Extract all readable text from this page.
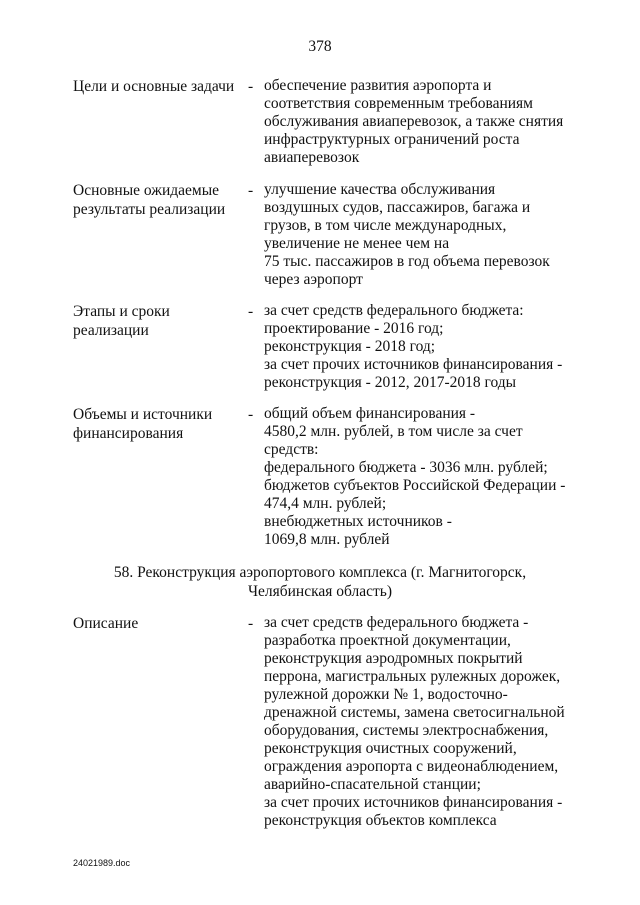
378
Цели и основные задачи - обеспечение развития аэропорта и
соответствия современным требованиям
обслуживания авиаперевозок, а также снятия
инфраструктурных ограничений роста
авиаперевозок
Основные ожидаемые
результаты реализации
- улучшение качества обслуживания
воздушных судов, пассажиров, багажа и
грузов, в том числе международных,
увеличение не менее чем на
75 тыс. пассажиров в год объема перевозок
через аэропорт
Этапы и сроки
реализации
- за счет средств федерального бюджета:
проектирование - 2016 год;
реконструкция - 2018 год;
за счет прочих источников финансирования -
реконструкция - 2012, 2017-2018 годы
Объемы и источники
финансирования
- общий объем финансирования -
4580,2 млн. рублей, в том числе за счет
средств:
федерального бюджета - 3036 млн. рублей;
бюджетов субъектов Российской Федерации -
474,4 млн. рублей;
внебюджетных источников -
1069,8 млн. рублей
58. Реконструкция аэропортового комплекса (г. Магнитогорск,
Челябинская область)
Описание	- за счет средств федерального бюджета -
разработка проектной документации,
реконструкция аэродромных покрытий
перрона, магистральных рулежных дорожек,
рулежной дорожки № 1, водосточно-
дренажной системы, замена светосигнальной
оборудования, системы электроснабжения,
реконструкция очистных сооружений,
ограждения аэропорта с видеонаблюдением,
аварийно-спасательной станции;
за счет прочих источников финансирования -
реконструкция объектов комплекса
24021989.doc
